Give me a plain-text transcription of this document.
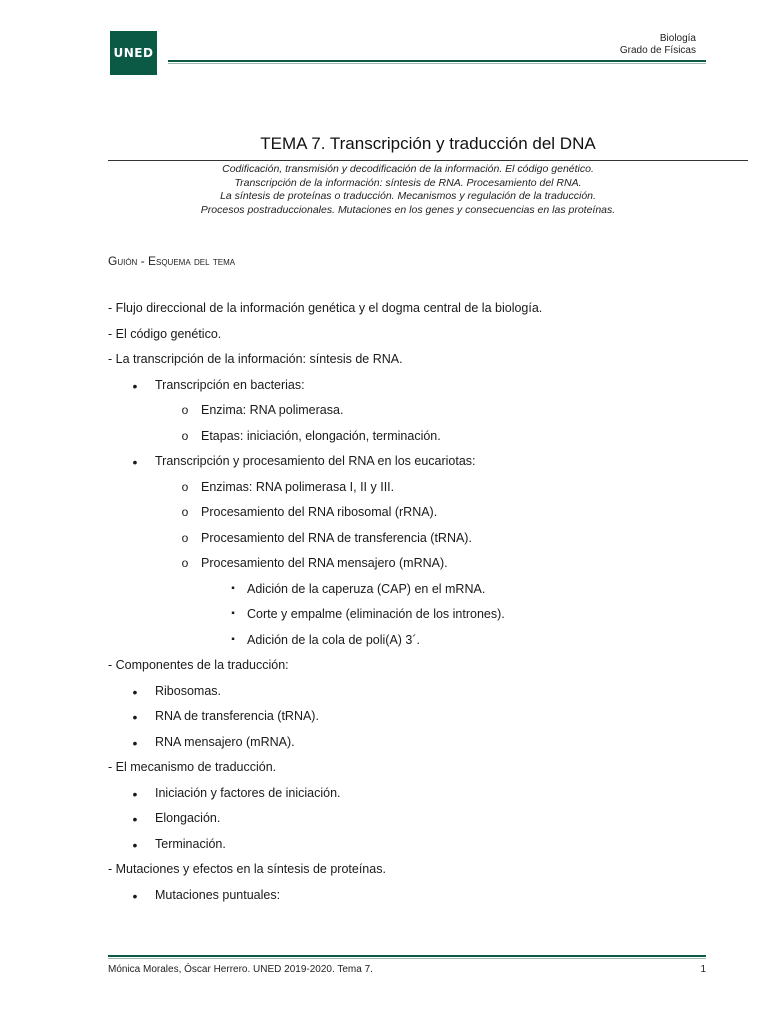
UNED
Biología
Grado de Físicas
TEMA 7. Transcripción y traducción del DNA
Codificación, transmisión y decodificación de la información. El código genético.
Transcripción de la información: síntesis de RNA. Procesamiento del RNA.
La síntesis de proteínas o traducción. Mecanismos y regulación de la traducción.
Procesos postraduccionales. Mutaciones en los genes y consecuencias en las proteínas.
Guión - Esquema del tema
- Flujo direccional de la información genética y el dogma central de la biología.
- El código genético.
- La transcripción de la información: síntesis de RNA.
•	Transcripción en bacterias:
o Enzima: RNA polimerasa.
o Etapas: iniciación, elongación, terminación.
•	Transcripción y procesamiento del RNA en los eucariotas:
o Enzimas: RNA polimerasa I, II y III.
o Procesamiento del RNA ribosomal (rRNA).
o Procesamiento del RNA de transferencia (tRNA).
o Procesamiento del RNA mensajero (mRNA).
▪ Adición de la caperuza (CAP) en el mRNA.
▪ Corte y empalme (eliminación de los intrones).
▪ Adición de la cola de poli(A) 3´.
- Componentes de la traducción:
•	Ribosomas.
•	RNA de transferencia (tRNA).
•	RNA mensajero (mRNA).
- El mecanismo de traducción.
•	Iniciación y factores de iniciación.
•	Elongación.
•	Terminación.
- Mutaciones y efectos en la síntesis de proteínas.
•	Mutaciones puntuales:
Mónica Morales, Óscar Herrero. UNED 2019-2020. Tema 7.	1
